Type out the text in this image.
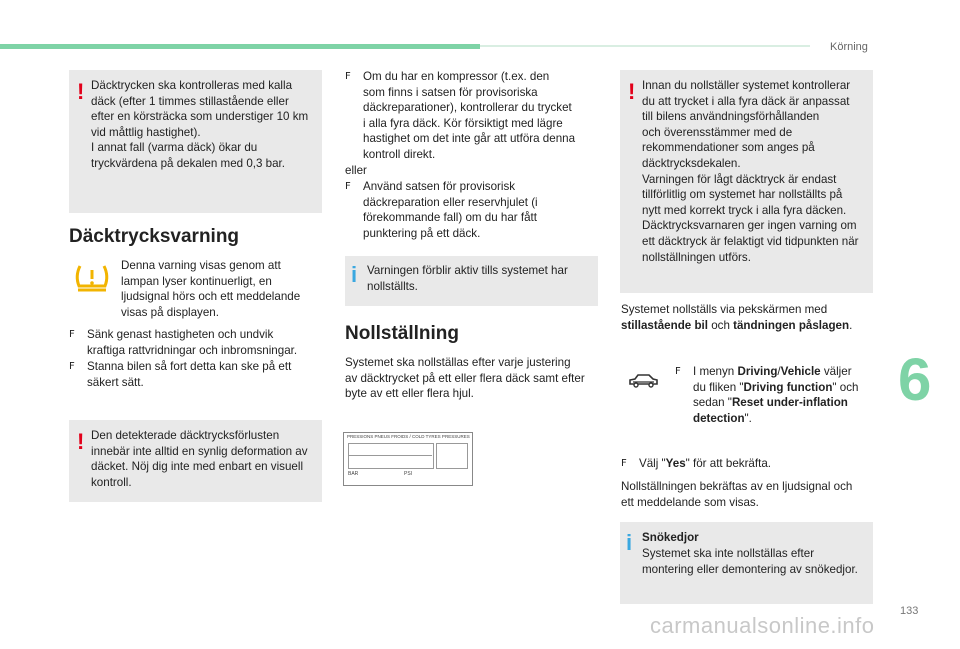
Körning
6
133
carmanualsonline.info
! Däcktrycken ska kontrolleras med kalla
däck (efter 1 timmes stillastående eller
efter en körsträcka som understiger 10 km
vid måttlig hastighet).
I annat fall (varma däck) ökar du
tryckvärdena på dekalen med 0,3 bar.
Däcktrycksvarning
Denna varning visas genom att
lampan lyser kontinuerligt, en
ljudsignal hörs och ett meddelande
visas på displayen.
F Sänk genast hastigheten och undvik
kraftiga rattvridningar och inbromsningar.
F Stanna bilen så fort detta kan ske på ett
säkert sätt.
! Den detekterade däcktrycksförlusten
innebär inte alltid en synlig deformation av
däcket. Nöj dig inte med enbart en visuell
kontroll.
F Om du har en kompressor (t.ex. den
som finns i satsen för provisoriska
däckreparationer), kontrollerar du trycket
i alla fyra däck. Kör försiktigt med lägre
hastighet om det inte går att utföra denna
kontroll direkt.
eller
F Använd satsen för provisorisk
däckreparation eller reservhjulet (i
förekommande fall) om du har fått
punktering på ett däck.
i Varningen förblir aktiv tills systemet har
nollställts.
Nollställning
Systemet ska nollställas efter varje justering
av däcktrycket på ett eller flera däck samt efter
byte av ett eller flera hjul.
PRESSIONS PNEUS FROIDS / COLD TYRES PRESSURES
BAR	PSI
! Innan du nollställer systemet kontrollerar
du att trycket i alla fyra däck är anpassat
till bilens användningsförhållanden
och överensstämmer med de
rekommendationer som anges på
däcktrycksdekalen.
Varningen för lågt däcktryck är endast
tillförlitlig om systemet har nollställts på
nytt med korrekt tryck i alla fyra däcken.
Däcktrycksvarnaren ger ingen varning om
ett däcktryck är felaktigt vid tidpunkten när
nollställningen utförs.
Systemet nollställs via pekskärmen med
stillastående bil och tändningen påslagen.
F I menyn Driving/Vehicle väljer
du fliken "Driving function" och
sedan "Reset under-inflation
detection".
F Välj "Yes" för att bekräfta.
Nollställningen bekräftas av en ljudsignal och
ett meddelande som visas.
i Snökedjor
Systemet ska inte nollställas efter
montering eller demontering av snökedjor.
